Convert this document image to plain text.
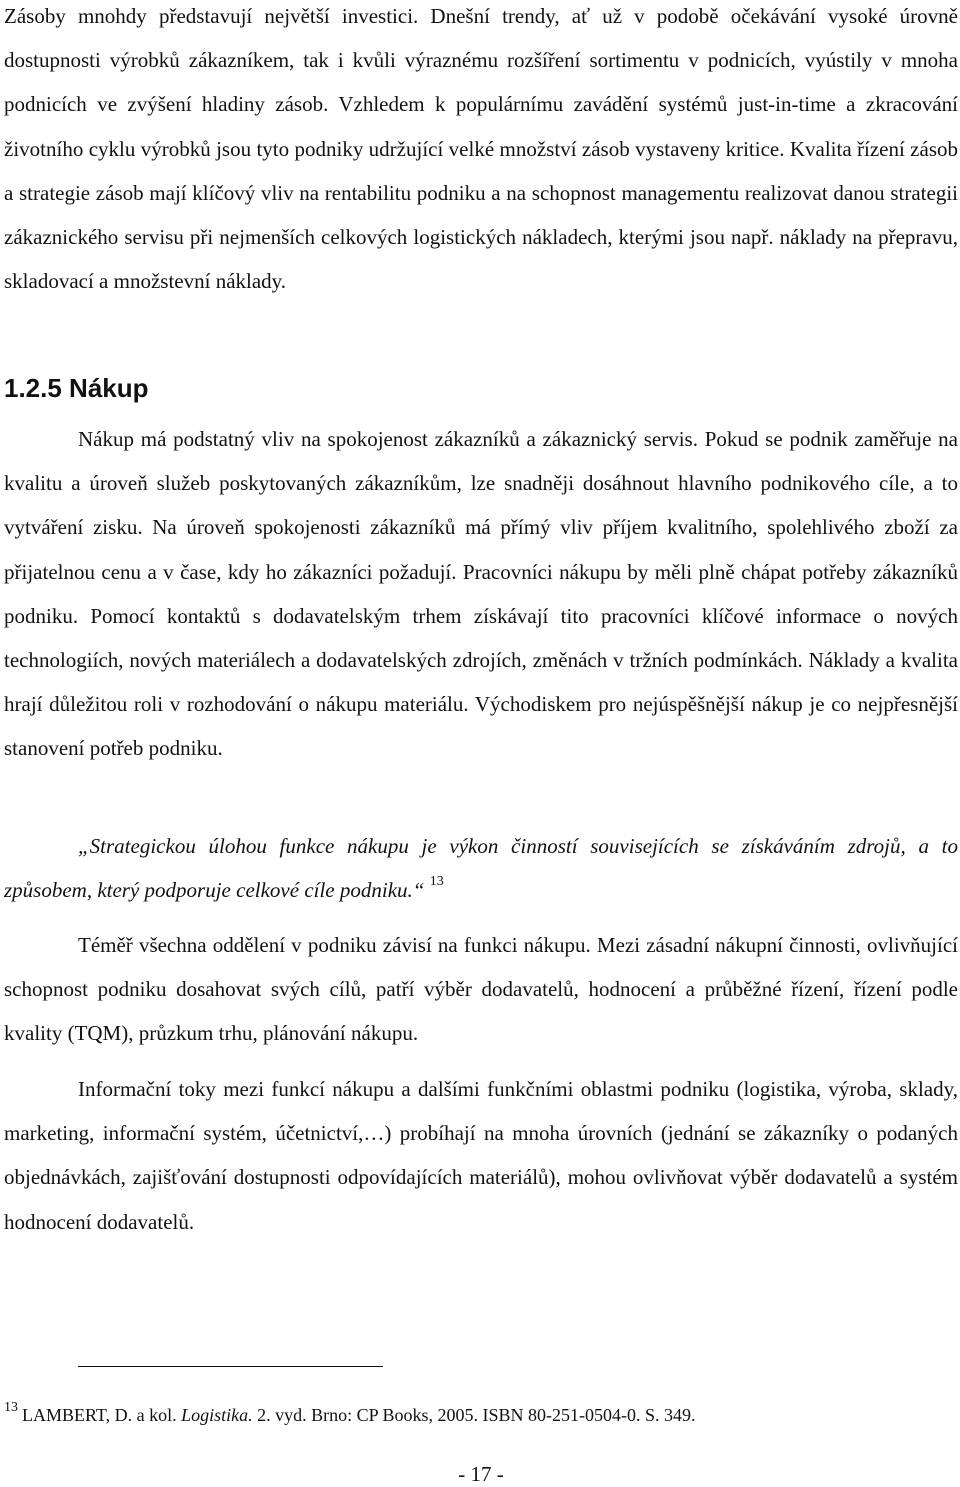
Zásoby mnohdy představují největší investici. Dnešní trendy, ať už v podobě očekávání vysoké úrovně dostupnosti výrobků zákazníkem, tak i kvůli výraznému rozšíření sortimentu v podnicích, vyústily v mnoha podnicích ve zvýšení hladiny zásob. Vzhledem k populárnímu zavádění systémů just-in-time a zkracování životního cyklu výrobků jsou tyto podniky udržující velké množství zásob vystaveny kritice. Kvalita řízení zásob a strategie zásob mají klíčový vliv na rentabilitu podniku a na schopnost managementu realizovat danou strategii zákaznického servisu při nejmenších celkových logistických nákladech, kterými jsou např. náklady na přepravu, skladovací a množstevní náklady.

1.2.5 Nákup

Nákup má podstatný vliv na spokojenost zákazníků a zákaznický servis. Pokud se podnik zaměřuje na kvalitu a úroveň služeb poskytovaných zákazníkům, lze snadněji dosáhnout hlavního podnikového cíle, a to vytváření zisku. Na úroveň spokojenosti zákazníků má přímý vliv příjem kvalitního, spolehlivého zboží za přijatelnou cenu a v čase, kdy ho zákazníci požadují. Pracovníci nákupu by měli plně chápat potřeby zákazníků podniku. Pomocí kontaktů s dodavatelským trhem získávají tito pracovníci klíčové informace o nových technologiích, nových materiálech a dodavatelských zdrojích, změnách v tržních podmínkách. Náklady a kvalita hrají důležitou roli v rozhodování o nákupu materiálu. Východiskem pro nejúspěšnější nákup je co nejpřesnější stanovení potřeb podniku.

„Strategickou úlohou funkce nákupu je výkon činností souvisejících se získáváním zdrojů, a to způsobem, který podporuje celkové cíle podniku.“ $^{13}$

Téměř všechna oddělení v podniku závisí na funkci nákupu. Mezi zásadní nákupní činnosti, ovlivňující schopnost podniku dosahovat svých cílů, patří výběr dodavatelů, hodnocení a průběžné řízení, řízení podle kvality (TQM), průzkum trhu, plánování nákupu.

Informační toky mezi funkcí nákupu a dalšími funkčními oblastmi podniku (logistika, výroba, sklady, marketing, informační systém, účetnictví,…) probíhají na mnoha úrovních (jednání se zákazníky o podaných objednávkách, zajišťování dostupnosti odpovídajících materiálů), mohou ovlivňovat výběr dodavatelů a systém hodnocení dodavatelů.

$^{13}$ LAMBERT, D. a kol. Logistika. 2. vyd. Brno: CP Books, 2005. ISBN 80-251-0504-0. S. 349.
- 17 -
